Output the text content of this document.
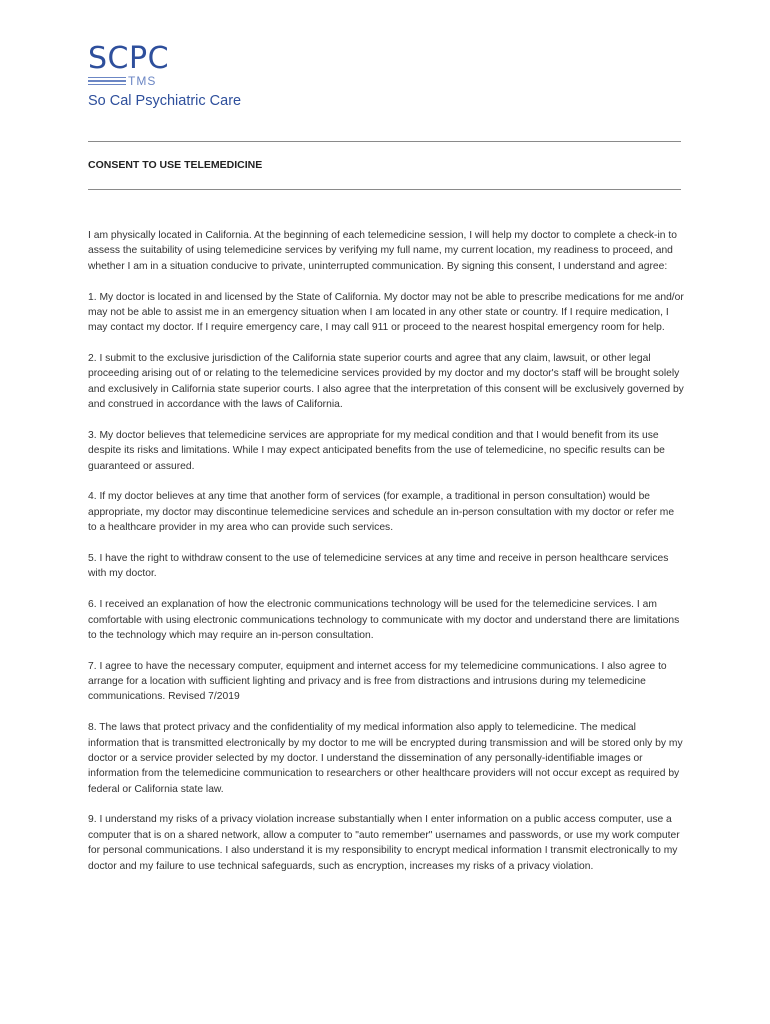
SCPC
TMS
So Cal Psychiatric Care
CONSENT TO USE TELEMEDICINE

I am physically located in California. At the beginning of each telemedicine session, I will help my doctor to complete a check-in to assess the suitability of using telemedicine services by verifying my full name, my current location, my readiness to proceed, and whether I am in a situation conducive to private, uninterrupted communication. By signing this consent, I understand and agree:

1. My doctor is located in and licensed by the State of California. My doctor may not be able to prescribe medications for me and/or may not be able to assist me in an emergency situation when I am located in any other state or country. If I require medication, I may contact my doctor. If I require emergency care, I may call 911 or proceed to the nearest hospital emergency room for help.

2. I submit to the exclusive jurisdiction of the California state superior courts and agree that any claim, lawsuit, or other legal proceeding arising out of or relating to the telemedicine services provided by my doctor and my doctor's staff will be brought solely and exclusively in California state superior courts. I also agree that the interpretation of this consent will be exclusively governed by and construed in accordance with the laws of California.

3. My doctor believes that telemedicine services are appropriate for my medical condition and that I would benefit from its use despite its risks and limitations. While I may expect anticipated benefits from the use of telemedicine, no specific results can be guaranteed or assured.

4. If my doctor believes at any time that another form of services (for example, a traditional in person consultation) would be appropriate, my doctor may discontinue telemedicine services and schedule an in-person consultation with my doctor or refer me to a healthcare provider in my area who can provide such services.

5. I have the right to withdraw consent to the use of telemedicine services at any time and receive in person healthcare services with my doctor.

6. I received an explanation of how the electronic communications technology will be used for the telemedicine services. I am comfortable with using electronic communications technology to communicate with my doctor and understand there are limitations to the technology which may require an in-person consultation.

7. I agree to have the necessary computer, equipment and internet access for my telemedicine communications. I also agree to arrange for a location with sufficient lighting and privacy and is free from distractions and intrusions during my telemedicine communications. Revised 7/2019

8. The laws that protect privacy and the confidentiality of my medical information also apply to telemedicine. The medical information that is transmitted electronically by my doctor to me will be encrypted during transmission and will be stored only by my doctor or a service provider selected by my doctor. I understand the dissemination of any personally-identifiable images or information from the telemedicine communication to researchers or other healthcare providers will not occur except as required by federal or California state law.

9. I understand my risks of a privacy violation increase substantially when I enter information on a public access computer, use a computer that is on a shared network, allow a computer to "auto remember" usernames and passwords, or use my work computer for personal communications. I also understand it is my responsibility to encrypt medical information I transmit electronically to my doctor and my failure to use technical safeguards, such as encryption, increases my risks of a privacy violation.
